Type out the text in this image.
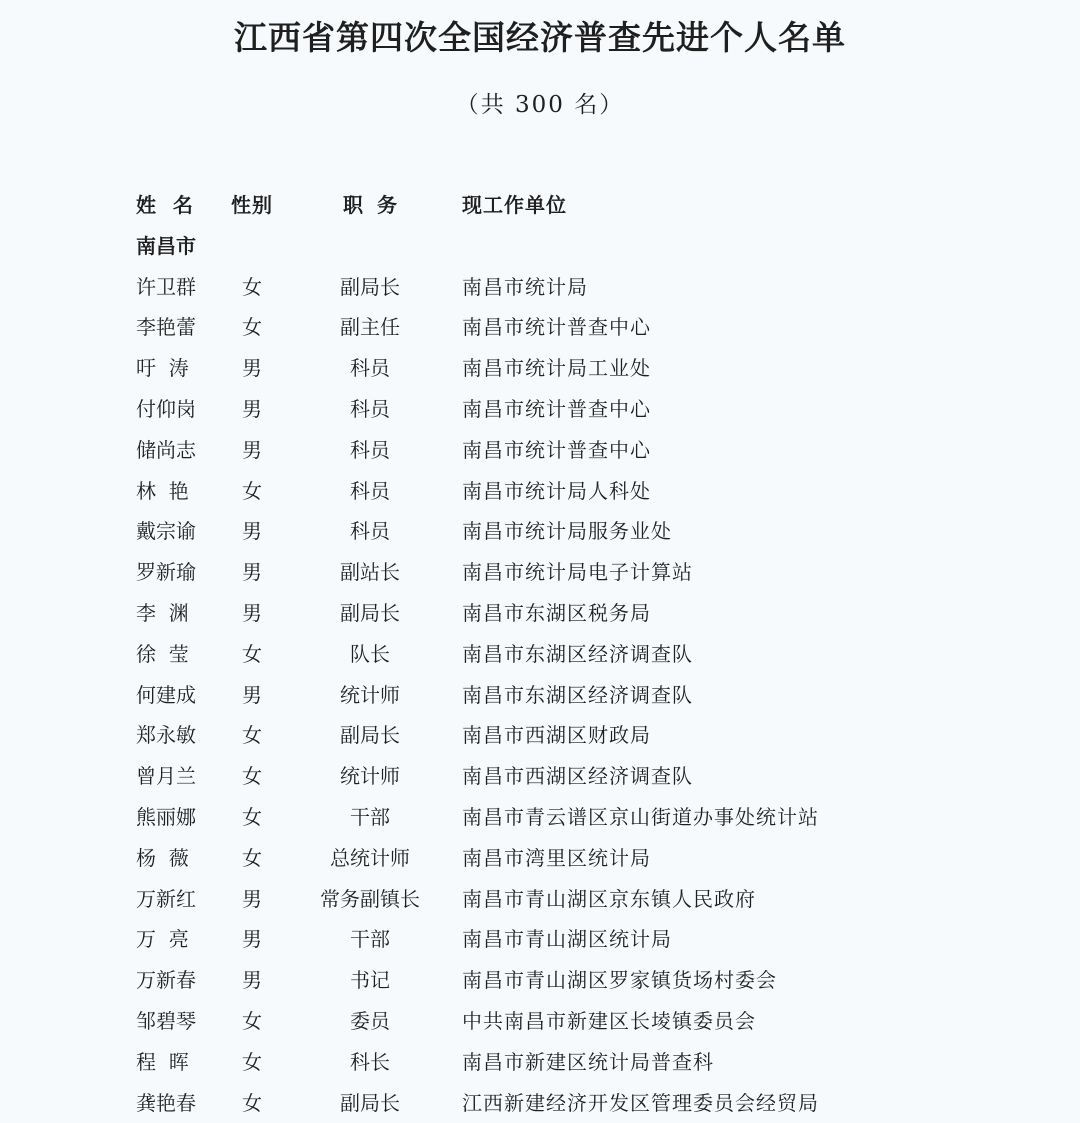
江西省第四次全国经济普查先进个人名单
（共 300 名）
姓  名	性别	职  务	现工作单位
南昌市
许卫群	女	副局长	南昌市统计局
李艳蕾	女	副主任	南昌市统计普查中心
吁  涛	男	科员	南昌市统计局工业处
付仰岗	男	科员	南昌市统计普查中心
储尚志	男	科员	南昌市统计普查中心
林  艳	女	科员	南昌市统计局人科处
戴宗谕	男	科员	南昌市统计局服务业处
罗新瑜	男	副站长	南昌市统计局电子计算站
李  渊	男	副局长	南昌市东湖区税务局
徐  莹	女	队长	南昌市东湖区经济调查队
何建成	男	统计师	南昌市东湖区经济调查队
郑永敏	女	副局长	南昌市西湖区财政局
曾月兰	女	统计师	南昌市西湖区经济调查队
熊丽娜	女	干部	南昌市青云谱区京山街道办事处统计站
杨  薇	女	总统计师	南昌市湾里区统计局
万新红	男	常务副镇长	南昌市青山湖区京东镇人民政府
万  亮	男	干部	南昌市青山湖区统计局
万新春	男	书记	南昌市青山湖区罗家镇货场村委会
邹碧琴	女	委员	中共南昌市新建区长堎镇委员会
程  晖	女	科长	南昌市新建区统计局普查科
龚艳春	女	副局长	江西新建经济开发区管理委员会经贸局
